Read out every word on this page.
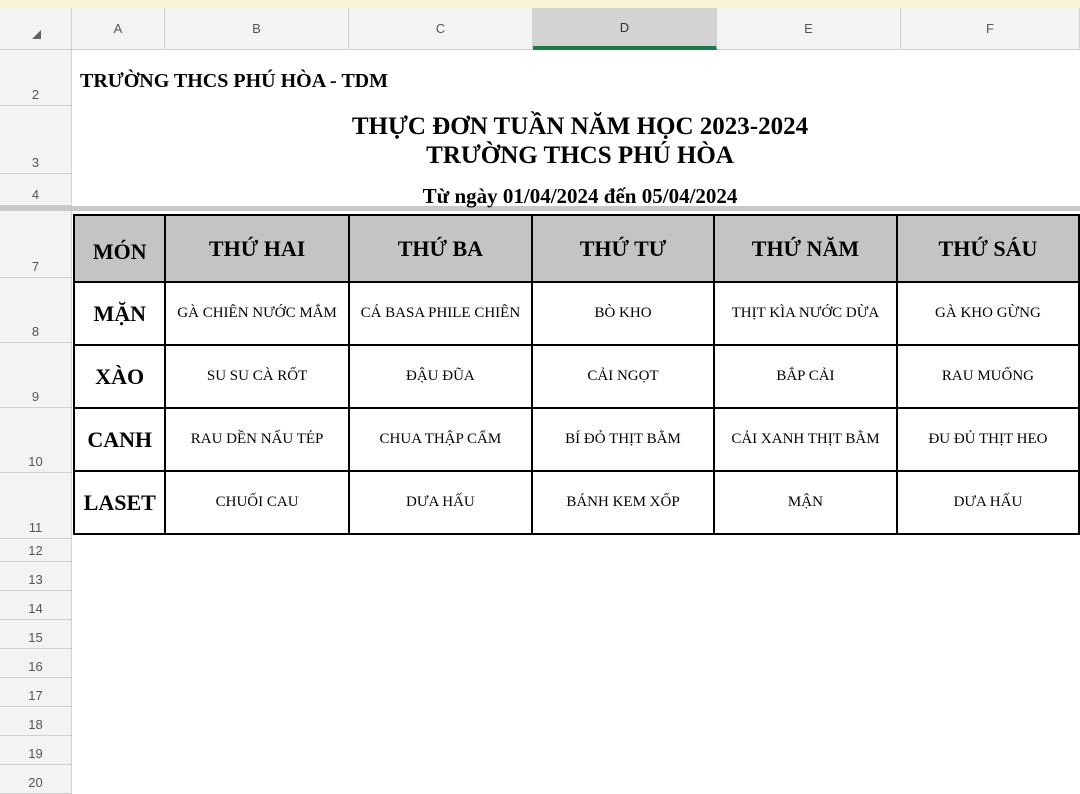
A	B	C	D	E	F
2
3
4
7
8
9
10
11
12
13
14
15
16
17
18
19
20
TRƯỜNG THCS PHÚ HÒA - TDM
THỰC ĐƠN TUẦN NĂM HỌC 2023-2024
TRƯỜNG THCS PHÚ HÒA
Từ ngày 01/04/2024 đến 05/04/2024
MÓN	THỨ HAI	THỨ BA	THỨ TƯ	THỨ NĂM	THỨ SÁU
MẶN	GÀ CHIÊN NƯỚC MẮM	CÁ BASA PHILE CHIÊN	BÒ KHO	THỊT KÌA NƯỚC DỪA	GÀ KHO GỪNG
XÀO	SU SU CÀ RỐT	ĐẬU ĐŨA	CẢI NGỌT	BẮP CẢI	RAU MUỐNG
CANH	RAU DỀN NẤU TÉP	CHUA THẬP CẨM	BÍ ĐỎ THỊT BẰM	CẢI XANH THỊT BẰM	ĐU ĐỦ THỊT HEO
LASET	CHUỐI CAU	DƯA HẤU	BÁNH KEM XỐP	MẬN	DƯA HẤU
